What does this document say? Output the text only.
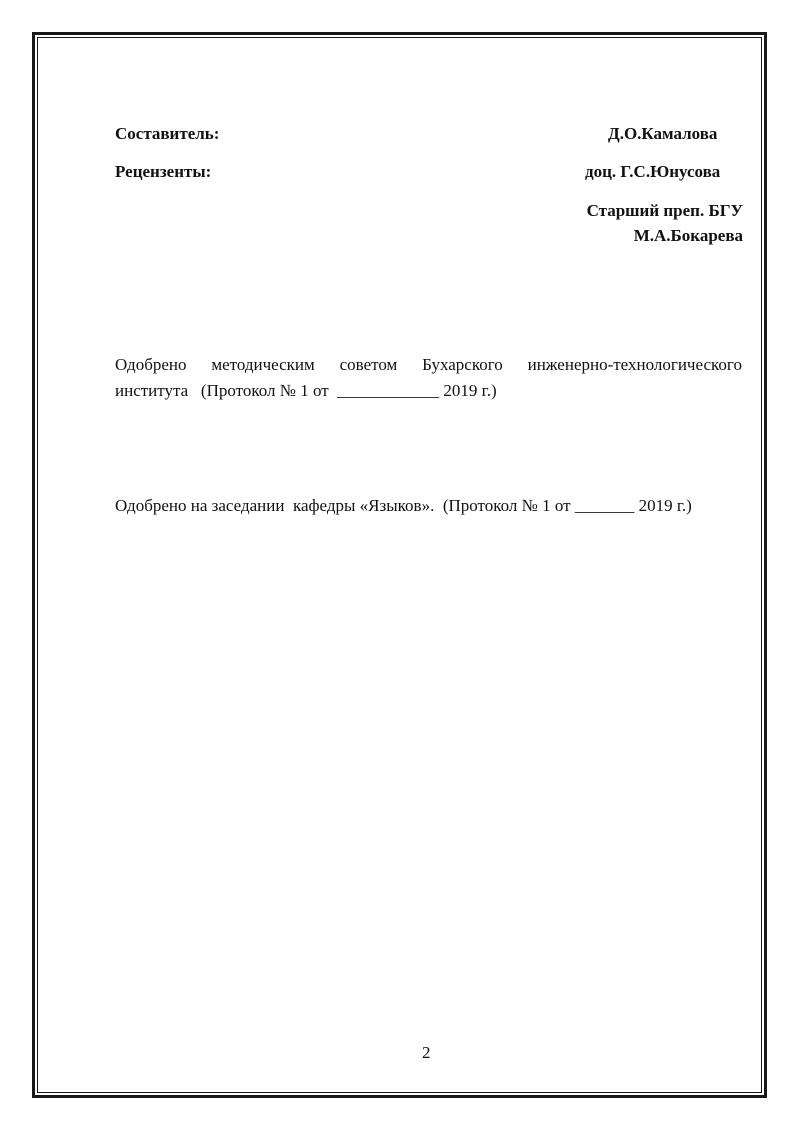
Составитель:	Д.О.Камалова
Рецензенты:	доц. Г.С.Юнусова
Старший преп. БГУ
М.А.Бокарева
Одобрено методическим советом Бухарского инженерно-технологического
института   (Протокол № 1 от  ____________ 2019 г.)
Одобрено на заседании  кафедры «Языков».  (Протокол № 1 от _______ 2019 г.)
2
